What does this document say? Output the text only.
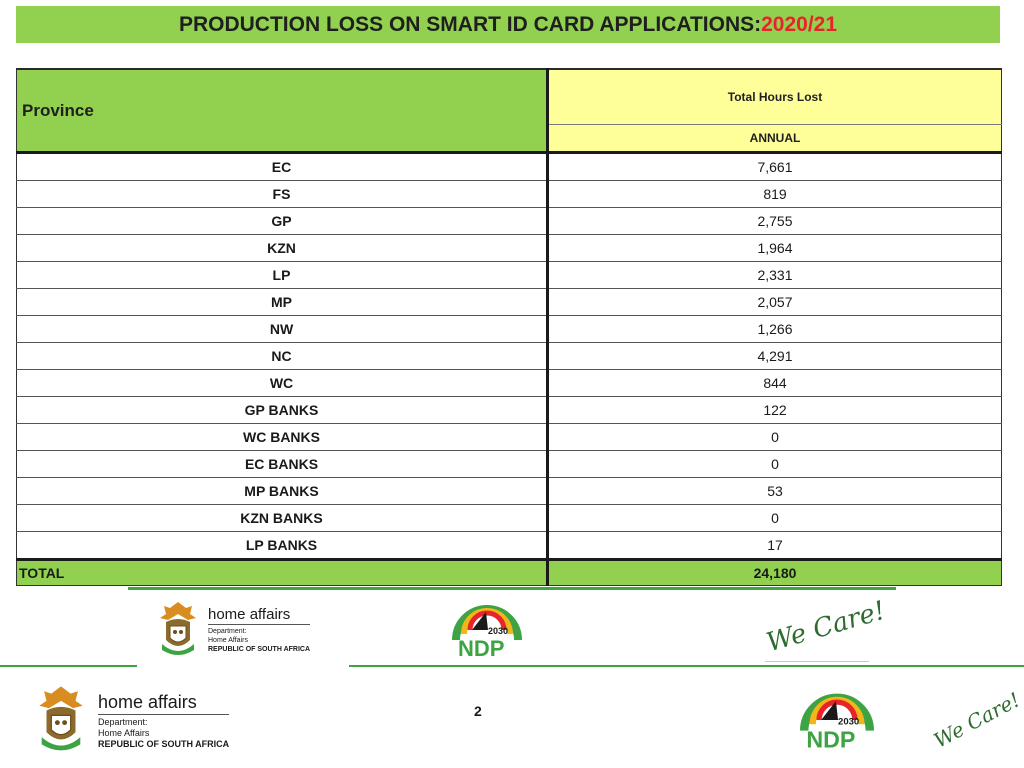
PRODUCTION LOSS ON SMART ID CARD APPLICATIONS: 2020/21
Province	Total Hours Lost
	ANNUAL
EC	7,661
FS	819
GP	2,755
KZN	1,964
LP	2,331
MP	2,057
NW	1,266
NC	4,291
WC	844
GP BANKS	122
WC BANKS	0
EC BANKS	0
MP BANKS	53
KZN BANKS	0
LP BANKS	17
TOTAL	24,180
home affairs
Department:
Home Affairs
REPUBLIC OF SOUTH AFRICA
2030
NDP	We Care!
home affairs
Department:
Home Affairs
REPUBLIC OF SOUTH AFRICA
2
2030
NDP	We Care!
